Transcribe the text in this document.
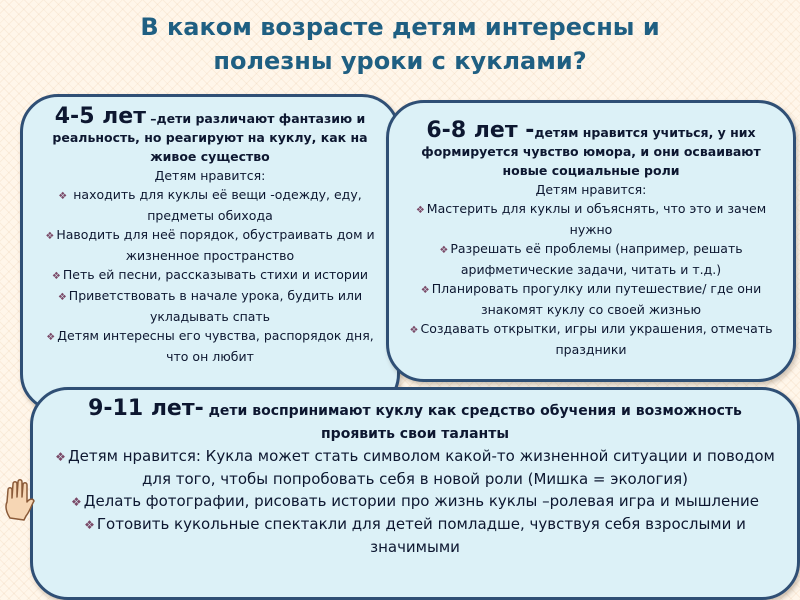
В каком возрасте детям интересны и
полезны уроки с куклами?
4-5 лет –дети различают фантазию и реальность, но реагируют на куклу, как на живое существо
Детям нравится:
❖ находить для куклы её вещи -одежду, еду, предметы обихода
❖ Наводить для неё порядок, обустраивать дом и жизненное пространство
❖ Петь ей песни, рассказывать стихи и истории
❖ Приветствовать в начале урока, будить или укладывать спать
❖ Детям интересны его чувства, распорядок дня, что он любит
6-8 лет -детям нравится учиться, у них формируется чувство юмора, и они осваивают новые социальные роли
Детям нравится:
❖ Мастерить для куклы и объяснять, что это и зачем нужно
❖ Разрешать её проблемы (например, решать арифметические задачи, читать и т.д.)
❖ Планировать прогулку или путешествие/ где они знакомят куклу со своей жизнью
❖ Создавать открытки, игры или украшения, отмечать праздники
9-11 лет- дети воспринимают куклу как средство обучения и возможность проявить свои таланты
❖ Детям нравится: Кукла может стать символом какой-то жизненной ситуации и поводом для того, чтобы попробовать себя в новой роли (Мишка = экология)
❖ Делать фотографии, рисовать истории про жизнь куклы –ролевая игра и мышление
❖ Готовить кукольные спектакли для детей помладше, чувствуя себя взрослыми и значимыми
